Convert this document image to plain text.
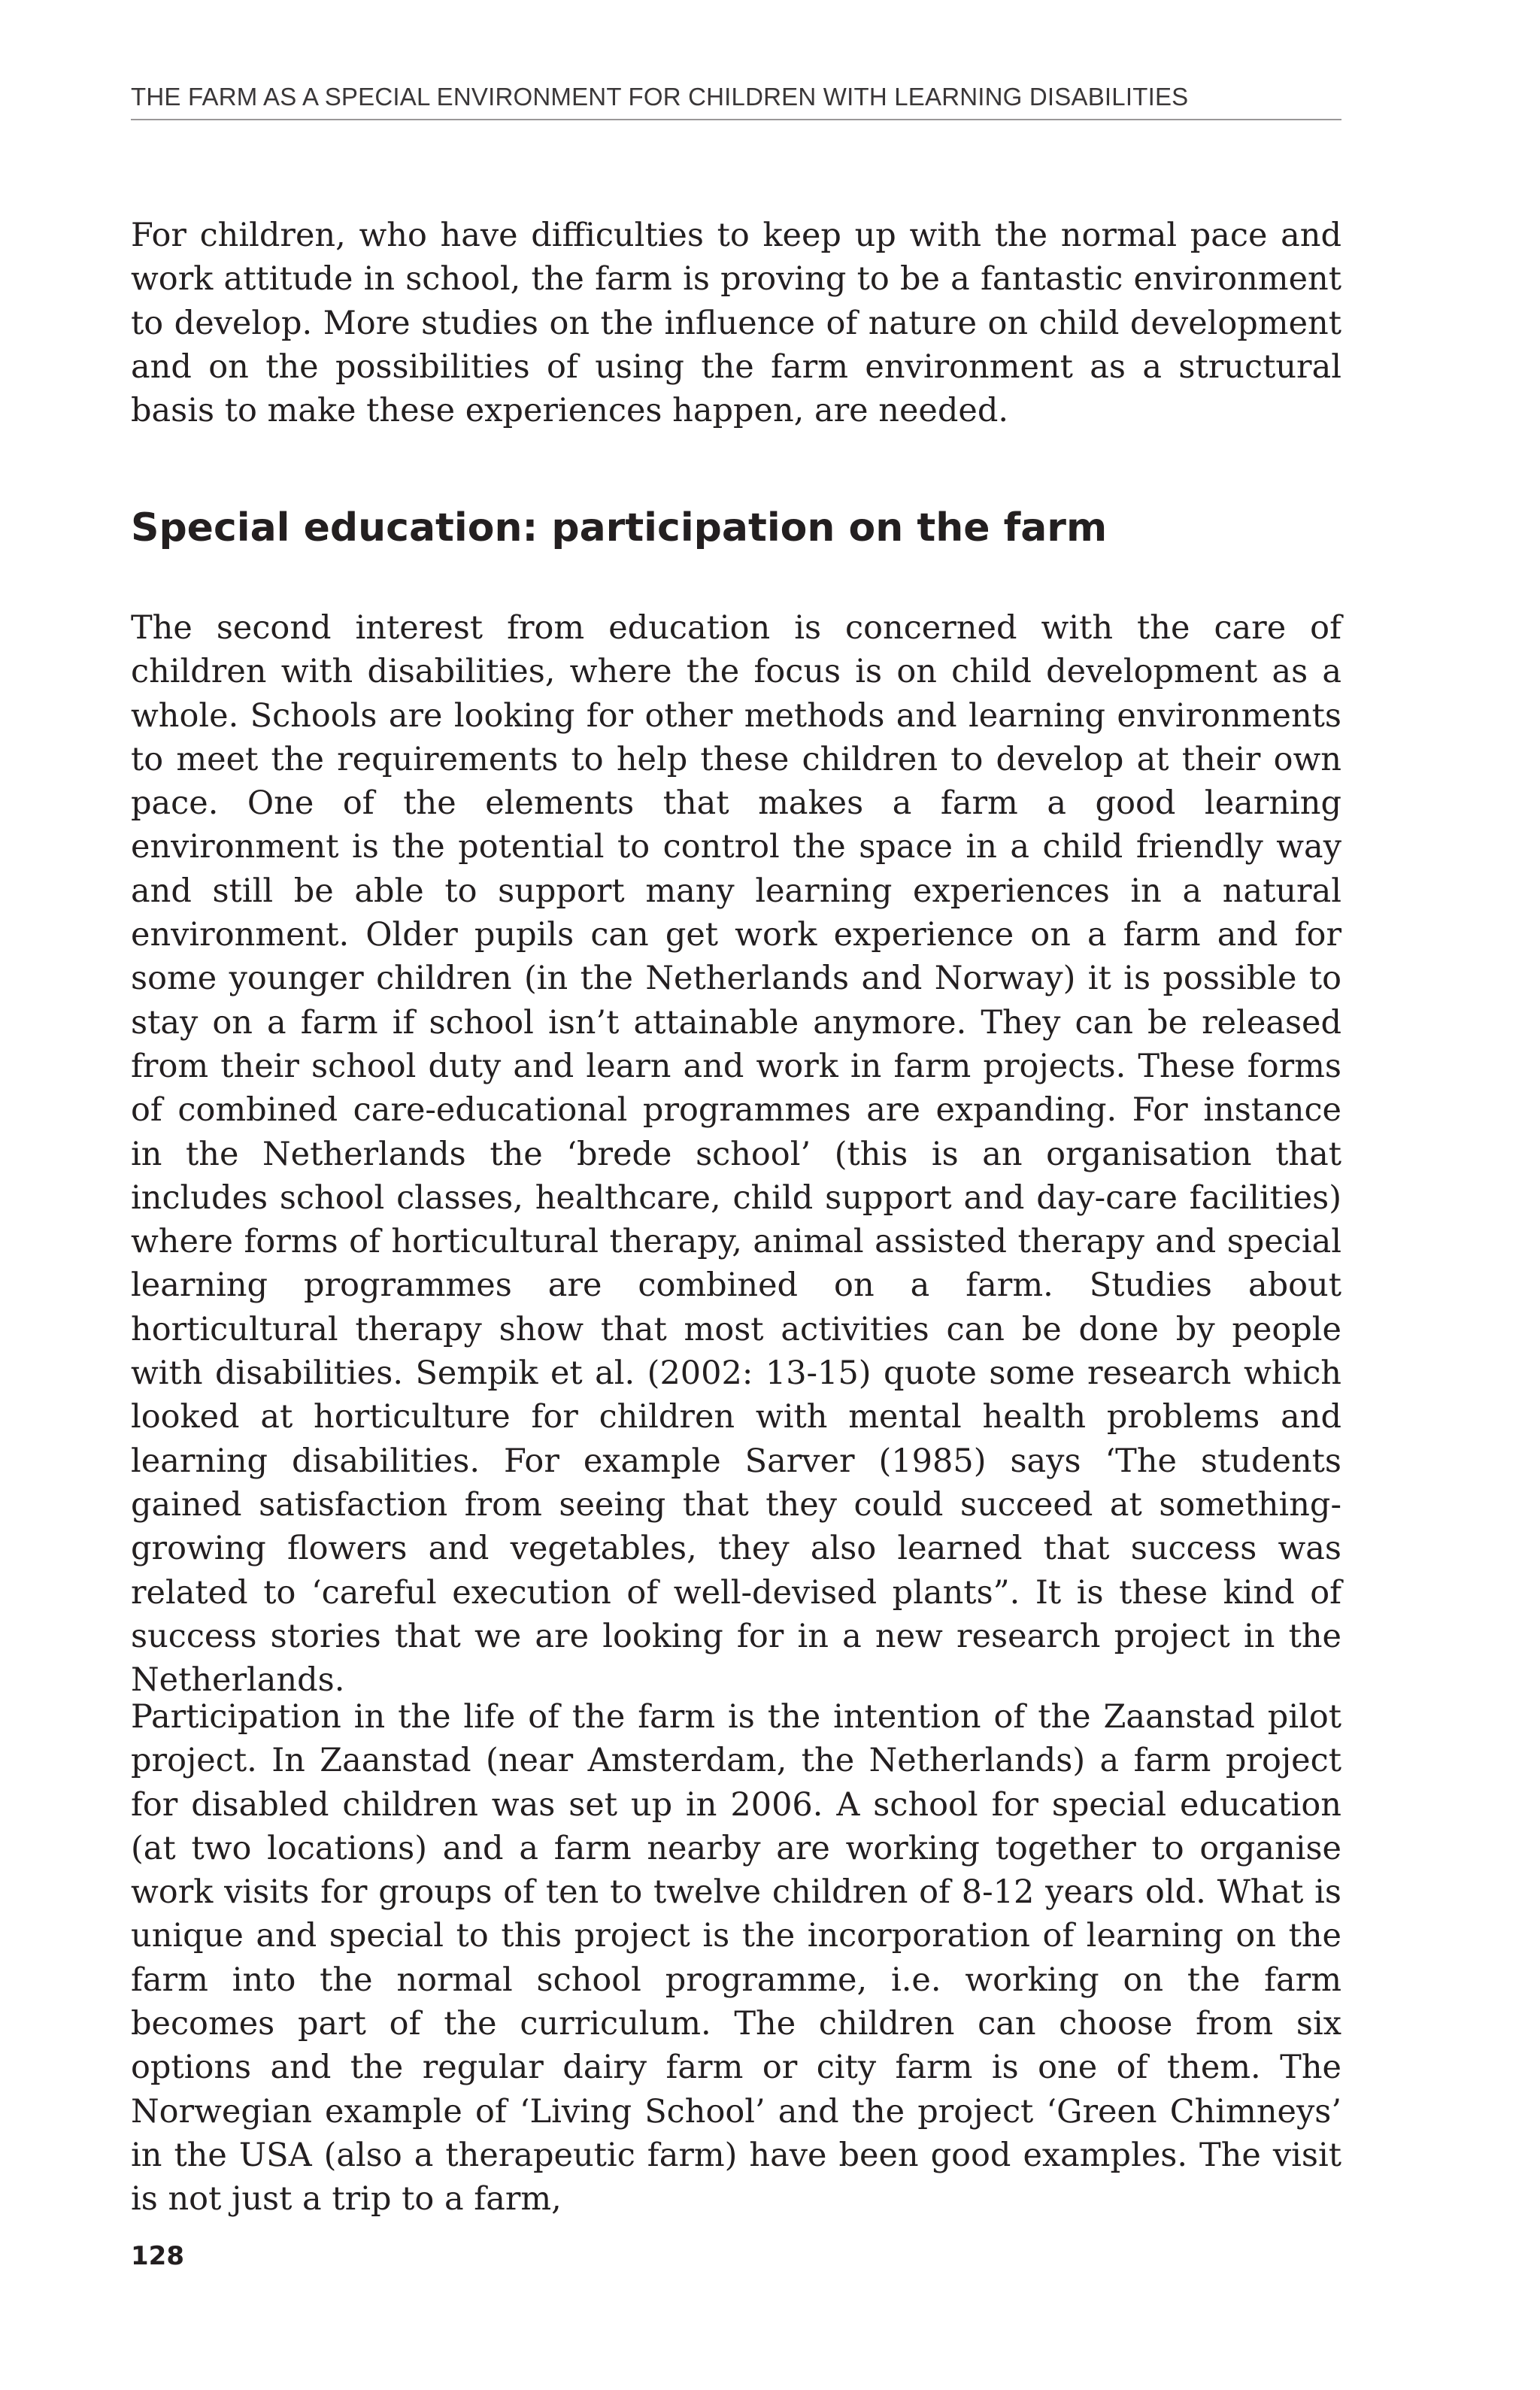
THE FARM AS A SPECIAL ENVIRONMENT FOR CHILDREN WITH LEARNING DISABILITIES

For children, who have difficulties to keep up with the normal pace and work attitude in school, the farm is proving to be a fantastic environment to develop. More studies on the influence of nature on child development and on the possibilities of using the farm environment as a structural basis to make these experiences happen, are needed.

Special education: participation on the farm

The second interest from education is concerned with the care of children with disabilities, where the focus is on child development as a whole. Schools are looking for other methods and learning environments to meet the requirements to help these children to develop at their own pace. One of the elements that makes a farm a good learning environment is the potential to control the space in a child friendly way and still be able to support many learning experiences in a natural environment. Older pupils can get work experience on a farm and for some younger children (in the Netherlands and Norway) it is possible to stay on a farm if school isn’t attainable anymore. They can be released from their school duty and learn and work in farm projects. These forms of combined care-educational programmes are expanding. For instance in the Netherlands the ‘brede school’ (this is an organisation that includes school classes, healthcare, child support and day-care facilities) where forms of horticultural therapy, animal assisted therapy and special learning programmes are combined on a farm. Studies about horticultural therapy show that most activities can be done by people with disabilities. Sempik et al. (2002: 13-15) quote some research which looked at horticulture for children with mental health problems and learning disabilities. For example Sarver (1985) says ‘The students gained satisfaction from seeing that they could succeed at something-growing flowers and vegetables, they also learned that success was related to ‘careful execution of well-devised plants”. It is these kind of success stories that we are looking for in a new research project in the Netherlands.

Participation in the life of the farm is the intention of the Zaanstad pilot project. In Zaanstad (near Amsterdam, the Netherlands) a farm project for disabled children was set up in 2006. A school for special education (at two locations) and a farm nearby are working together to organise work visits for groups of ten to twelve children of 8-12 years old. What is unique and special to this project is the incorporation of learning on the farm into the normal school programme, i.e. working on the farm becomes part of the curriculum. The children can choose from six options and the regular dairy farm or city farm is one of them. The Norwegian example of ‘Living School’ and the project ‘Green Chimneys’ in the USA (also a therapeutic farm) have been good examples. The visit is not just a trip to a farm,

128
